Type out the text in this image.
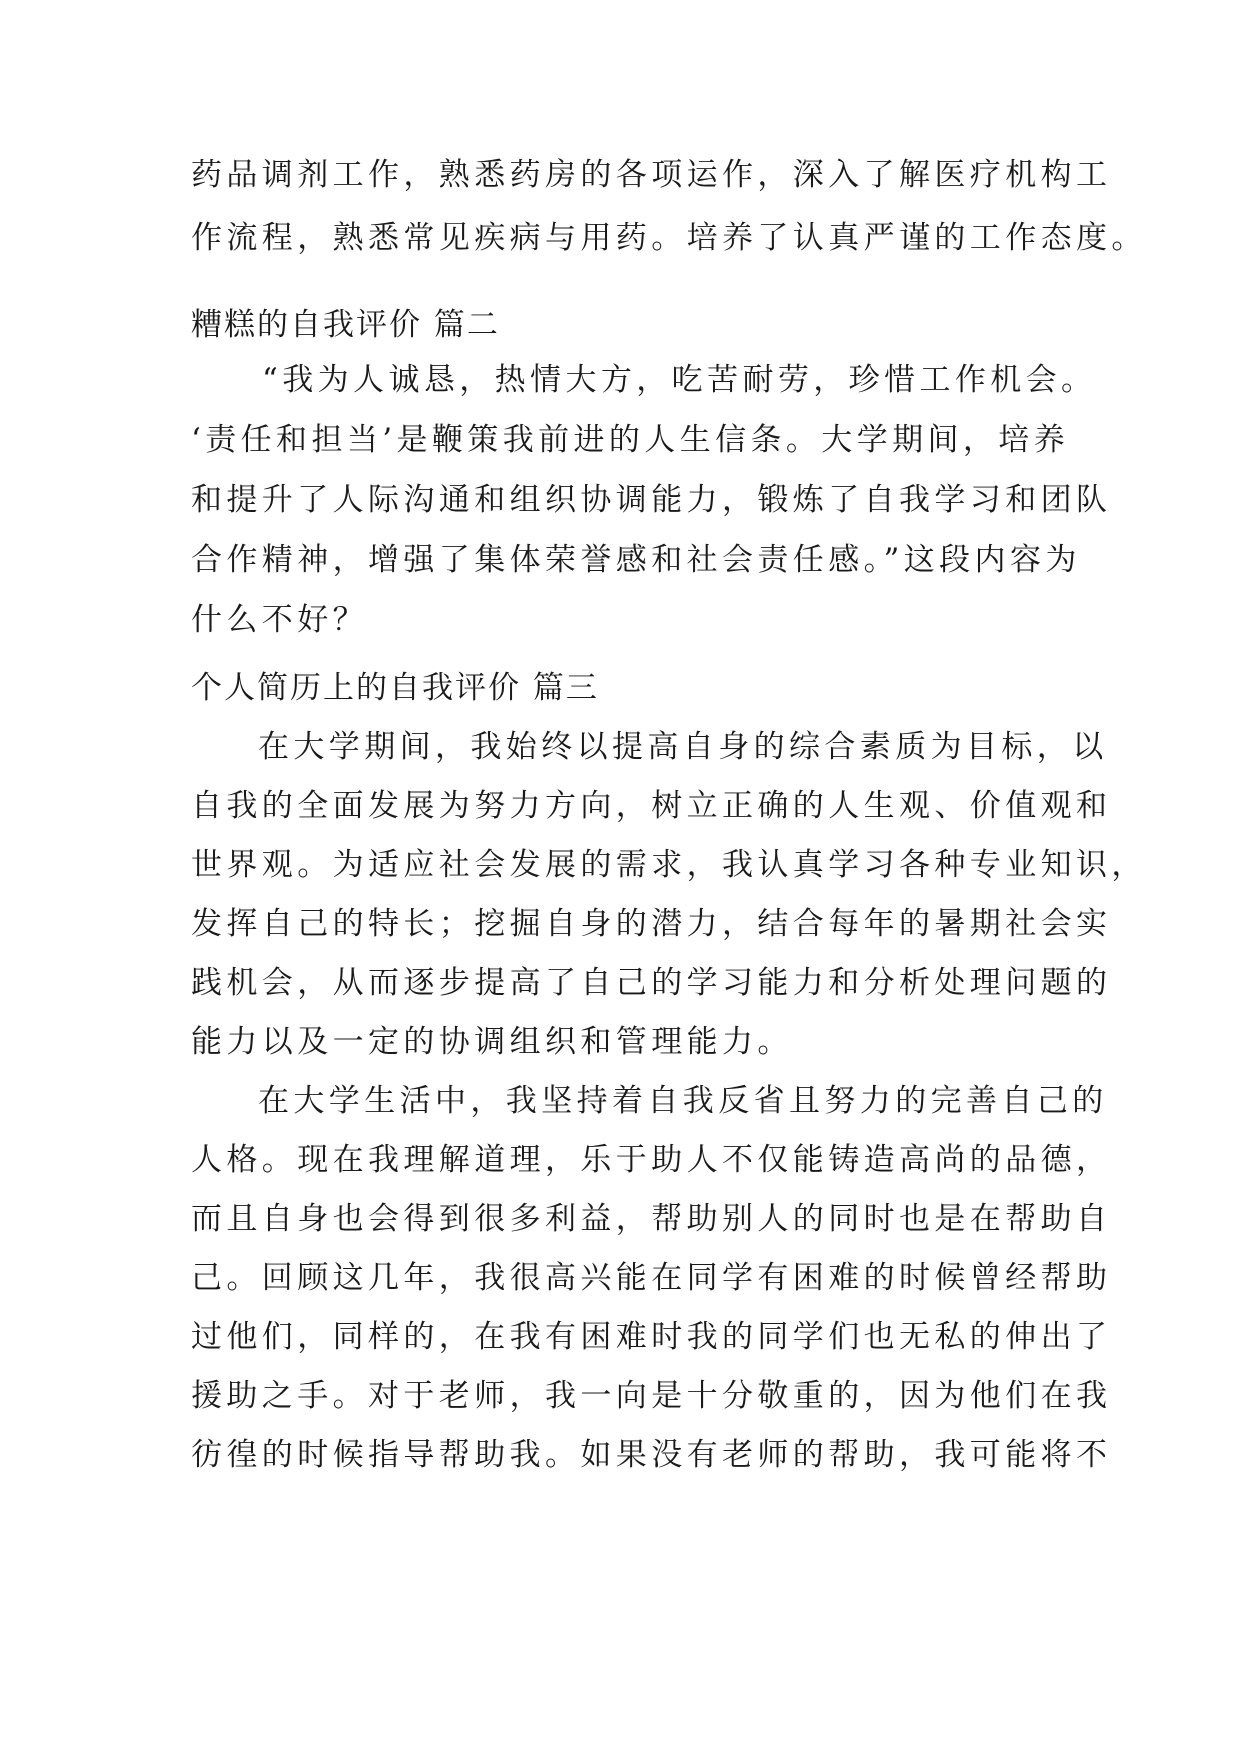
药品调剂工作，熟悉药房的各项运作，深入了解医疗机构工
作流程，熟悉常见疾病与用药。培养了认真严谨的工作态度。
糟糕的自我评价 篇二
“我为人诚恳，热情大方，吃苦耐劳，珍惜工作机会。
‘责任和担当’是鞭策我前进的人生信条。大学期间，培养
和提升了人际沟通和组织协调能力，锻炼了自我学习和团队
合作精神，增强了集体荣誉感和社会责任感。”这段内容为
什么不好？
个人简历上的自我评价 篇三
在大学期间，我始终以提高自身的综合素质为目标，以
自我的全面发展为努力方向，树立正确的人生观、价值观和
世界观。为适应社会发展的需求，我认真学习各种专业知识，
发挥自己的特长；挖掘自身的潜力，结合每年的暑期社会实
践机会，从而逐步提高了自己的学习能力和分析处理问题的
能力以及一定的协调组织和管理能力。
在大学生活中，我坚持着自我反省且努力的完善自己的
人格。现在我理解道理，乐于助人不仅能铸造高尚的品德，
而且自身也会得到很多利益，帮助别人的同时也是在帮助自
己。回顾这几年，我很高兴能在同学有困难的时候曾经帮助
过他们，同样的，在我有困难时我的同学们也无私的伸出了
援助之手。对于老师，我一向是十分敬重的，因为他们在我
彷徨的时候指导帮助我。如果没有老师的帮助，我可能将不
